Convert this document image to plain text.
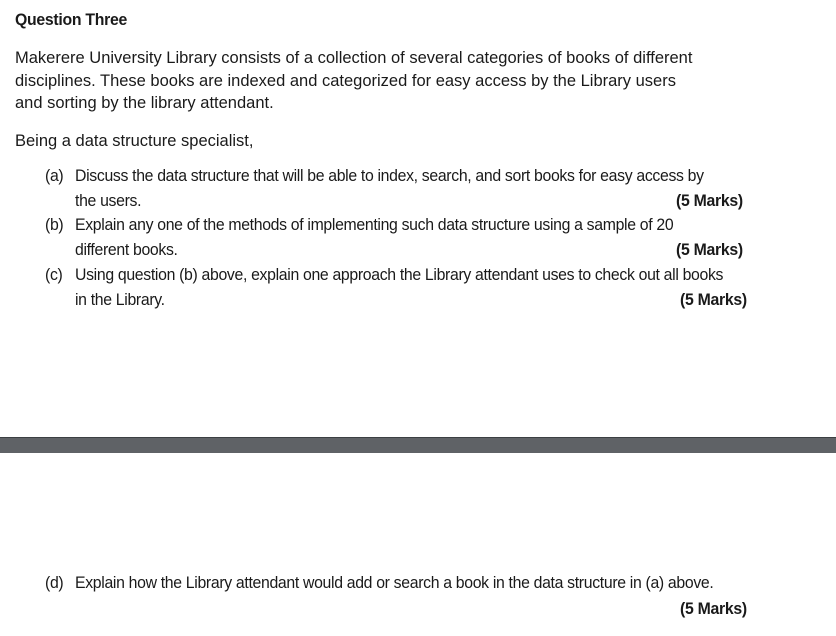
Question Three
Makerere University Library consists of a collection of several categories of books of different
disciplines. These books are indexed and categorized for easy access by the Library users
and sorting by the library attendant.
Being a data structure specialist,
(a) Discuss the data structure that will be able to index, search, and sort books for easy access by
the users.	(5 Marks)
(b) Explain any one of the methods of implementing such data structure using a sample of 20
different books.	(5 Marks)
(c) Using question (b) above, explain one approach the Library attendant uses to check out all books
in the Library.	(5 Marks)
(d) Explain how the Library attendant would add or search a book in the data structure in (a) above.
(5 Marks)
